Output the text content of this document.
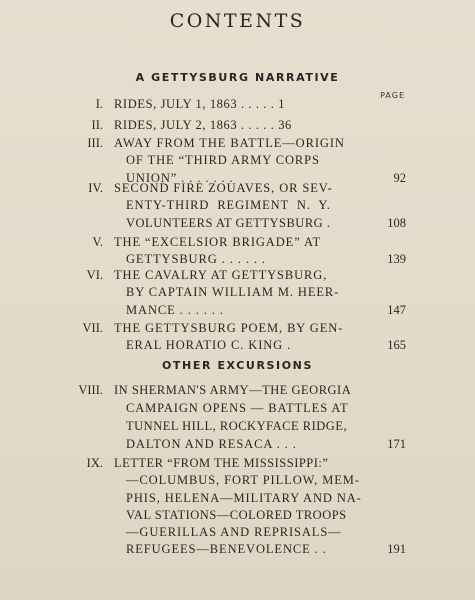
CONTENTS
A GETTYSBURG NARRATIVE
PAGE
I. RIDES, JULY 1, 1863 . . . . . 1
II. RIDES, JULY 2, 1863 . . . . . 36
III. AWAY FROM THE BATTLE—ORIGIN
OF THE “THIRD ARMY CORPS
UNION” . . . . . . .	92
IV. SECOND FIRE ZOUAVES, OR SEV-
ENTY-THIRD REGIMENT N. Y.
VOLUNTEERS AT GETTYSBURG .	108
V. THE “EXCELSIOR BRIGADE” AT
GETTYSBURG . . . . . .	139
VI. THE CAVALRY AT GETTYSBURG,
BY CAPTAIN WILLIAM M. HEER-
MANCE . . . . . .	147
VII. THE GETTYSBURG POEM, BY GEN-
ERAL HORATIO C. KING .	165
OTHER EXCURSIONS
VIII. IN SHERMAN'S ARMY—THE GEORGIA
CAMPAIGN OPENS — BATTLES AT
TUNNEL HILL, ROCKYFACE RIDGE,
DALTON AND RESACA . . .	171
IX. LETTER “FROM THE MISSISSIPPI:”
—COLUMBUS, FORT PILLOW, MEM-
PHIS, HELENA—MILITARY AND NA-
VAL STATIONS—COLORED TROOPS
—GUERILLAS AND REPRISALS—
REFUGEES—BENEVOLENCE . .	191
